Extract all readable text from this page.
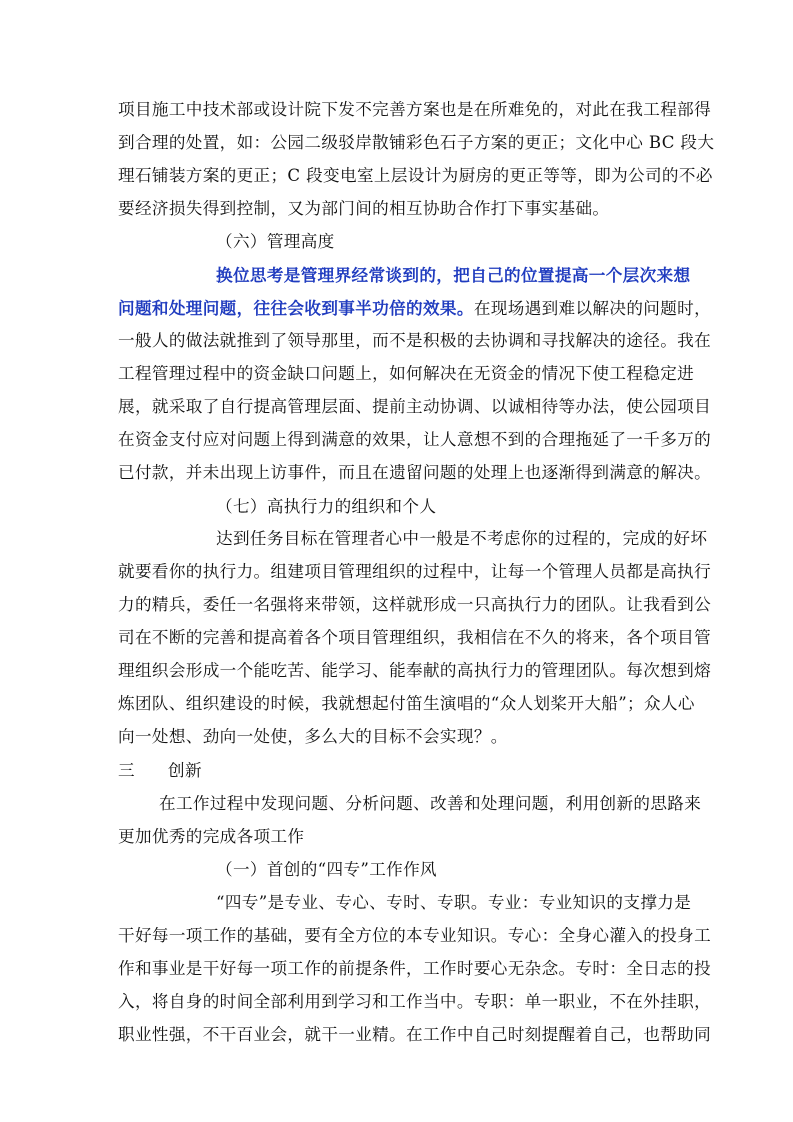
项目施工中技术部或设计院下发不完善方案也是在所难免的，对此在我工程部得
到合理的处置，如：公园二级驳岸散铺彩色石子方案的更正；文化中心 BC 段大
理石铺装方案的更正；C 段变电室上层设计为厨房的更正等等，即为公司的不必
要经济损失得到控制，又为部门间的相互协助合作打下事实基础。
（六）管理高度
换位思考是管理界经常谈到的，把自己的位置提高一个层次来想
问题和处理问题，往往会收到事半功倍的效果。在现场遇到难以解决的问题时，
一般人的做法就推到了领导那里，而不是积极的去协调和寻找解决的途径。我在
工程管理过程中的资金缺口问题上，如何解决在无资金的情况下使工程稳定进
展，就采取了自行提高管理层面、提前主动协调、以诚相待等办法，使公园项目
在资金支付应对问题上得到满意的效果，让人意想不到的合理拖延了一千多万的
已付款，并未出现上访事件，而且在遗留问题的处理上也逐渐得到满意的解决。
（七）高执行力的组织和个人
达到任务目标在管理者心中一般是不考虑你的过程的，完成的好坏
就要看你的执行力。组建项目管理组织的过程中，让每一个管理人员都是高执行
力的精兵，委任一名强将来带领，这样就形成一只高执行力的团队。让我看到公
司在不断的完善和提高着各个项目管理组织，我相信在不久的将来，各个项目管
理组织会形成一个能吃苦、能学习、能奉献的高执行力的管理团队。每次想到熔
炼团队、组织建设的时候，我就想起付笛生演唱的“众人划桨开大船”；众人心
向一处想、劲向一处使，多么大的目标不会实现？。
三	创新
在工作过程中发现问题、分析问题、改善和处理问题，利用创新的思路来
更加优秀的完成各项工作
（一）首创的“四专”工作作风
“四专”是专业、专心、专时、专职。专业：专业知识的支撑力是
干好每一项工作的基础，要有全方位的本专业知识。专心：全身心灌入的投身工
作和事业是干好每一项工作的前提条件，工作时要心无杂念。专时：全日志的投
入，将自身的时间全部利用到学习和工作当中。专职：单一职业，不在外挂职，
职业性强，不干百业会，就干一业精。在工作中自己时刻提醒着自己，也帮助同
